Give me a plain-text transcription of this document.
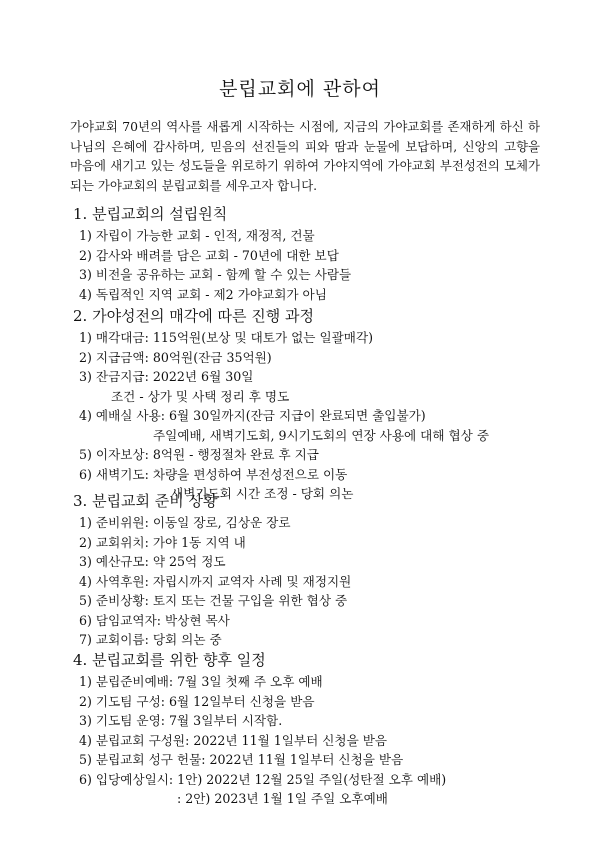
분립교회에 관하여
가야교회 70년의 역사를 새롭게 시작하는 시점에, 지금의 가야교회를 존재하게 하신 하나님의 은혜에 감사하며, 믿음의 선진들의 피와 땀과 눈물에 보답하며, 신앙의 고향을 마음에 새기고 있는 성도들을 위로하기 위하여 가야지역에 가야교회 부전성전의 모체가 되는 가야교회의 분립교회를 세우고자 합니다.
1. 분립교회의 설립원칙
1) 자립이 가능한 교회 - 인적, 재정적, 건물
2) 감사와 배려를 담은 교회 - 70년에 대한 보답
3) 비전을 공유하는 교회 - 함께 할 수 있는 사람들
4) 독립적인 지역 교회 - 제2 가야교회가 아님
2. 가야성전의 매각에 따른 진행 과정
1) 매각대금: 115억원(보상 및 대토가 없는 일괄매각)
2) 지급금액: 80억원(잔금 35억원)
3) 잔금지급: 2022년 6월 30일
조건 - 상가 및 사택 정리 후 명도
4) 예배실 사용: 6월 30일까지(잔금 지급이 완료되면 출입불가)
주일예배, 새벽기도회, 9시기도회의 연장 사용에 대해 협상 중
5) 이자보상: 8억원 - 행정절차 완료 후 지급
6) 새벽기도: 차량을 편성하여 부전성전으로 이동
새벽기도회 시간 조정 - 당회 의논
3. 분립교회 준비 상황
1) 준비위원: 이동일 장로, 김상운 장로
2) 교회위치: 가야 1동 지역 내
3) 예산규모: 약 25억 정도
4) 사역후원: 자립시까지 교역자 사례 및 재정지원
5) 준비상황: 토지 또는 건물 구입을 위한 협상 중
6) 담임교역자: 박상현 목사
7) 교회이름: 당회 의논 중
4. 분립교회를 위한 향후 일정
1) 분립준비예배: 7월 3일 첫째 주 오후 예배
2) 기도팀 구성: 6월 12일부터 신청을 받음
3) 기도팀 운영: 7월 3일부터 시작함.
4) 분립교회 구성원: 2022년 11월 1일부터 신청을 받음
5) 분립교회 성구 헌물: 2022년 11월 1일부터 신청을 받음
6) 입당예상일시: 1안) 2022년 12월 25일 주일(성탄절 오후 예배)
: 2안) 2023년 1월 1일 주일 오후예배
